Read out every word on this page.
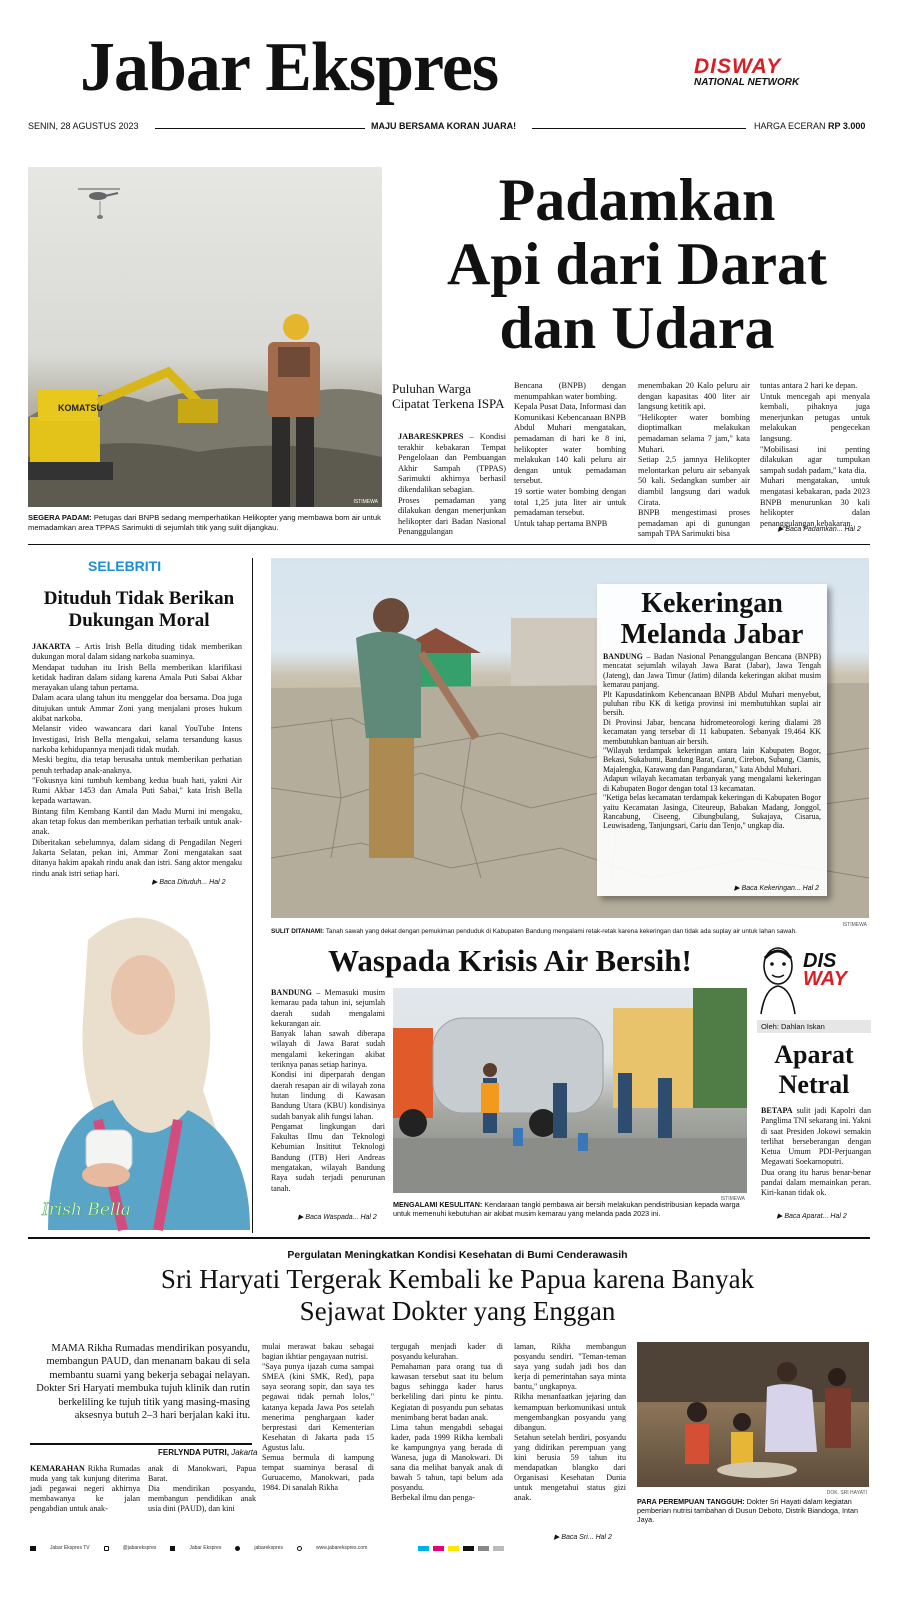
Jabar Ekspres	DISWAY
NATIONAL NETWORK
SENIN, 28 AGUSTUS 2023	MAJU BERSAMA KORAN JUARA!	HARGA ECERAN RP 3.000
KOMATSU
ISTIMEWA
SEGERA PADAM: Petugas dari BNPB sedang memperhatikan Helikopter yang membawa bom air untuk memadamkan area TPPAS Sarimukti di sejumlah titik yang sulit dijangkau.
Padamkan
Api dari Darat
dan Udara
Puluhan Warga
Cipatat Terkena ISPA

JABARESKPRES – Kondisi terakhir kebakaran Tempat Pengelolaan dan Pembuangan Akhir Sampah (TPPAS) Sarimukti akhirnya berhasil dikendalikan sebagian.

Proses pemadaman yang dilakukan dengan menerjunkan helikopter dari Badan Nasional Penanggulangan

Bencana (BNPB) dengan menumpahkan water bombing.

Kepala Pusat Data, Informasi dan Komunikasi Kebencanaan BNPB Abdul Muhari mengatakan, pemadaman di hari ke 8 ini, helikopter water bombing melakukan 140 kali peluru air dengan untuk pemadaman tersebut.

19 sortie water bombing dengan total 1,25 juta liter air untuk pemadaman tersebut.

Untuk tahap pertama BNPB

menembakan 20 Kalo peluru air dengan kapasitas 400 liter air langsung ketitik api.

"Helikopter water bombing dioptimalkan melakukan pemadaman selama 7 jam," kata Muhari.

Setiap 2,5 jamnya Helikopter melontarkan peluru air sebanyak 50 kali. Sedangkan sumber air diambil langsung dari waduk Cirata.

BNPB mengestimasi proses pemadaman api di gunungan sampah TPA Sarimukti bisa

tuntas antara 2 hari ke depan.

Untuk mencegah api menyala kembali, pihaknya juga menerjunkan petugas untuk melakukan pengecekan langsung.

"Mobilisasi ini penting dilakukan agar tumpukan sampah sudah padam," kata dia.

Muhari mengatakan, untuk mengatasi kebakaran, pada 2023 BNPB menurunkan 30 kali helikopter dalan penanggulangan kebakaran.

▶ Baca Padamkan... Hal 2
SELEBRITI
Dituduh Tidak Berikan
Dukungan Moral

JAKARTA – Artis Irish Bella dituding tidak memberikan dukungan moral dalam sidang narkoba suaminya.

Mendapat tuduhan itu Irish Bella memberikan klarifikasi ketidak hadiran dalam sidang karena Amala Puti Sabai Akbar merayakan ulang tahun pertama.

Dalam acara ulang tahun itu menggelar doa bersama. Doa juga ditujukan untuk Ammar Zoni yang menjalani proses hukum akibat narkoba.

Melansir video wawancara dari kanal YouTube Intens Investigasi, Irish Bella mengakui, selama tersandung kasus narkoba kehidupannya menjadi tidak mudah.

Meski begitu, dia tetap berusaha untuk memberikan perhatian penuh terhadap anak-anaknya.

"Fokusnya kini tumbuh kembang kedua buah hati, yakni Air Rumi Akbar 1453 dan Amala Puti Sabai," kata Irish Bella kepada wartawan.

Bintang film Kembang Kantil dan Madu Murni ini mengaku, akan tetap fokus dan memberikan perhatian terbaik untuk anak-anak.

Diberitakan sebelumnya, dalam sidang di Pengadilan Negeri Jakarta Selatan, pekan ini, Ammar Zoni mengatakan saat ditanya hakim apakah rindu anak dan istri. Sang aktor mengaku rindu anak istri setiap hari.

▶ Baca Dituduh... Hal 2
Irish Bella
ISTIMEWA
Kekeringan
Melanda Jabar

BANDUNG – Badan Nasional Penanggulangan Bencana (BNPB) mencatat sejumlah wilayah Jawa Barat (Jabar), Jawa Tengah (Jateng), dan Jawa Timur (Jatim) dilanda kekeringan akibat musim kemarau panjang.

Plt Kapusdatinkom Kebencanaan BNPB Abdul Muhari menyebut, puluhan ribu KK di ketiga provinsi ini membutuhkan suplai air bersih.

Di Provinsi Jabar, bencana hidrometeorologi kering dialami 28 kecamatan yang tersebar di 11 kabupaten. Sebanyak 19.464 KK membutuhkan bantuan air bersih.

"Wilayah terdampak kekeringan antara lain Kabupaten Bogor, Bekasi, Sukabumi, Bandung Barat, Garut, Cirebon, Subang, Ciamis, Majalengka, Karawang dan Pangandaran," kata Abdul Muhari.

Adapun wilayah kecamatan terbanyak yang mengalami kekeringan di Kabupaten Bogor dengan total 13 kecamatan.

"Ketiga belas kecamatan terdampak kekeringan di Kabupaten Bogor yaitu Kecamatan Jasinga, Citeureup, Babakan Madang, Jonggol, Rancabung, Ciseeng, Cibungbulang, Sukajaya, Cisarua, Leuwisadeng, Tanjungsari, Cariu dan Tenjo," ungkap dia.

▶ Baca Kekeringan... Hal 2
SULIT DITANAMI: Tanah sawah yang dekat dengan pemukiman penduduk di Kabupaten Bandung mengalami retak-retak karena kekeringan dan tidak ada suplay air untuk lahan sawah.
Waspada Krisis Air Bersih!

BANDUNG – Memasuki musim kemarau pada tahun ini, sejumlah daerah sudah mengalami kekurangan air.

Banyak lahan sawah diberapa wilayah di Jawa Barat sudah mengalami kekeringan akibat teriknya panas setiap harinya.

Kondisi ini diperparah dengan daerah resapan air di wilayah zona hutan lindung di Kawasan Bandung Utara (KBU) kondisinya sudah banyak alih fungsi lahan.

Pengamat lingkungan dari Fakultas Ilmu dan Teknologi Kebumian Insititut Teknologi Bandung (ITB) Heri Andreas mengatakan, wilayah Bandung Raya sudah terjadi penurunan tanah.

▶ Baca Waspada... Hal 2
ISTIMEWA
MENGALAMI KESULITAN: Kendaraan tangki pembawa air bersih melakukan pendistribusian kepada warga untuk memenuhi kebutuhan air akibat musim kemarau yang melanda pada 2023 ini.
DIS
WAY
Oleh: Dahlan Iskan
Aparat
Netral

BETAPA sulit jadi Kapolri dan Panglima TNI sekarang ini. Yakni di saat Presiden Jokowi semakin terlihat berseberangan dengan Ketua Umum PDI-Perjuangan Megawati Soekarnoputri.

Dua orang itu harus benar-benar pandai dalam memainkan peran. Kiri-kanan tidak ok.

▶ Baca Aparat... Hal 2
Pergulatan Meningkatkan Kondisi Kesehatan di Bumi Cenderawasih
Sri Haryati Tergerak Kembali ke Papua karena Banyak
Sejawat Dokter yang Enggan
MAMA Rikha Rumadas mendirikan posyandu, membangun PAUD, dan menanam bakau di sela membantu suami yang bekerja sebagai nelayan. Dokter Sri Haryati membuka tujuh klinik dan rutin berkeliling ke tujuh titik yang masing-masing aksesnya butuh 2–3 hari berjalan kaki itu.
FERLYNDA PUTRI, Jakarta

KEMARAHAN Rikha Rumadas muda yang tak kunjung diterima jadi pegawai negeri akhirnya membawanya ke jalan pengabdian untuk anak-

anak di Manokwari, Papua Barat.

Dia mendirikan posyandu, membangun pendidikan anak usia dini (PAUD), dan kini

mulai merawat bakau sebagai bagian ikhtiar pengayaan nutrisi.

"Saya punya ijazah cuma sampai SMEA (kini SMK, Red), papa saya seorang sopir, dan saya tes pegawai tidak pernah lolos," katanya kepada Jawa Pos setelah menerima penghargaan kader berprestasi dari Kementerian Kesehatan di Jakarta pada 15 Agustus lalu.

Semua bermula di kampung tempat suaminya berasal di Guruacemo, Manokwari, pada 1984. Di sanalah Rikha

tergugah menjadi kader di posyandu kelurahan.

Pemahaman para orang tua di kawasan tersebut saat itu belum bagus sehingga kader harus berkeliling dari pintu ke pintu. Kegiatan di posyandu pun sebatas menimbang berat badan anak.

Lima tahun mengabdi sebagai kader, pada 1999 Rikha kembali ke kampungnya yang berada di Wanesa, juga di Manokwari. Di sana dia melihat banyak anak di bawah 5 tahun, tapi belum ada posyandu.

Berbekal ilmu dan penga-

laman, Rikha membangun posyandu sendiri. "Teman-teman saya yang sudah jadi bos dan kerja di pemerintahan saya minta bantu," ungkapnya.

Rikha menanfaatkan jejaring dan kemampuan berkomunikasi untuk mengembangkan posyandu yang dibangun.

Setahun setelah berdiri, posyandu yang didirikan perempuan yang kini berusia 59 tahun itu mendapatkan blangko dari Organisasi Kesehatan Dunia untuk mengetahui status gizi anak.

▶ Baca Sri... Hal 2
DOK. SRI HAYATI
PARA PEREMPUAN TANGGUH: Dokter Sri Hayati dalam kegiatan pemberian nutrisi tambahan di Dusun Deboto, Distrik Biandoga, Intan Jaya.
Jabar Ekspres TV	@jabarekspres	Jabar Ekspres	jabarekspres	www.jabarekspres.com
